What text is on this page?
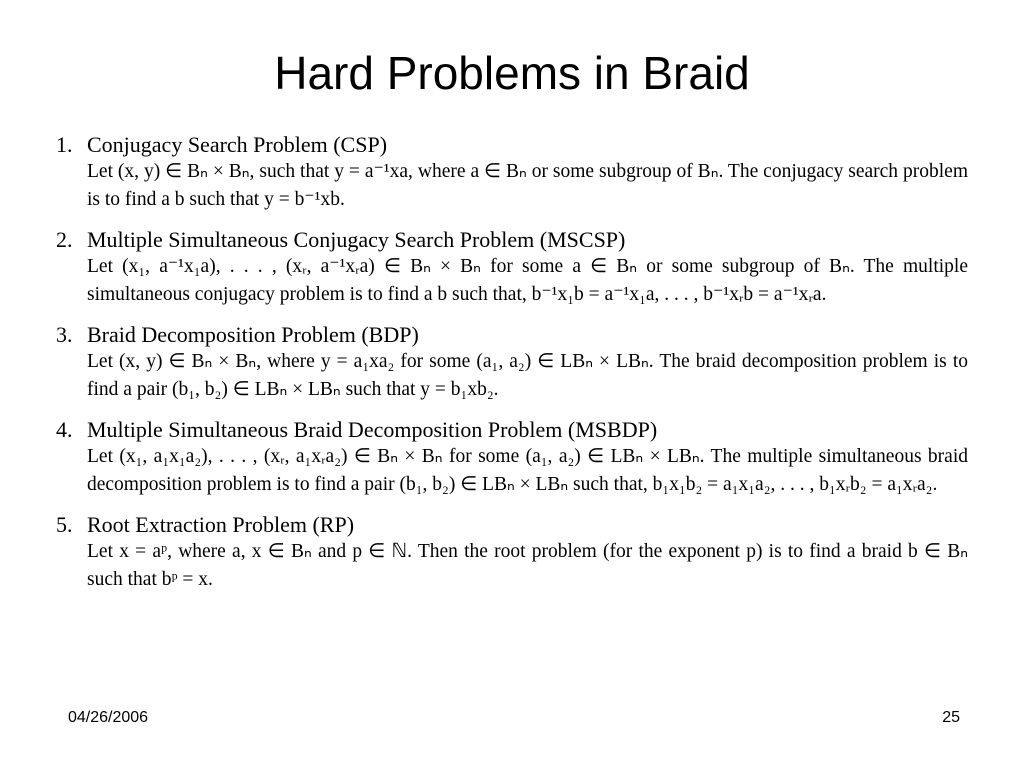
Hard Problems in Braid
1. Conjugacy Search Problem (CSP)
Let (x, y) ∈ Bₙ × Bₙ, such that y = a⁻¹xa, where a ∈ Bₙ or some subgroup of Bₙ. The conjugacy search problem is to find a b such that y = b⁻¹xb.
2. Multiple Simultaneous Conjugacy Search Problem (MSCSP)
Let (x₁, a⁻¹x₁a), . . . , (xᵣ, a⁻¹xᵣa) ∈ Bₙ × Bₙ for some a ∈ Bₙ or some subgroup of Bₙ. The multiple simultaneous conjugacy problem is to find a b such that, b⁻¹x₁b = a⁻¹x₁a, . . . , b⁻¹xᵣb = a⁻¹xᵣa.
3. Braid Decomposition Problem (BDP)
Let (x, y) ∈ Bₙ × Bₙ, where y = a₁xa₂ for some (a₁, a₂) ∈ LBₙ × LBₙ. The braid decomposition problem is to find a pair (b₁, b₂) ∈ LBₙ × LBₙ such that y = b₁xb₂.
4. Multiple Simultaneous Braid Decomposition Problem (MSBDP)
Let (x₁, a₁x₁a₂), . . . , (xᵣ, a₁xᵣa₂) ∈ Bₙ × Bₙ for some (a₁, a₂) ∈ LBₙ × LBₙ. The multiple simultaneous braid decomposition problem is to find a pair (b₁, b₂) ∈ LBₙ × LBₙ such that, b₁x₁b₂ = a₁x₁a₂, . . . , b₁xᵣb₂ = a₁xᵣa₂.
5. Root Extraction Problem (RP)
Let x = aᵖ, where a, x ∈ Bₙ and p ∈ ℕ. Then the root problem (for the exponent p) is to find a braid b ∈ Bₙ such that bᵖ = x.
04/26/2006	25
